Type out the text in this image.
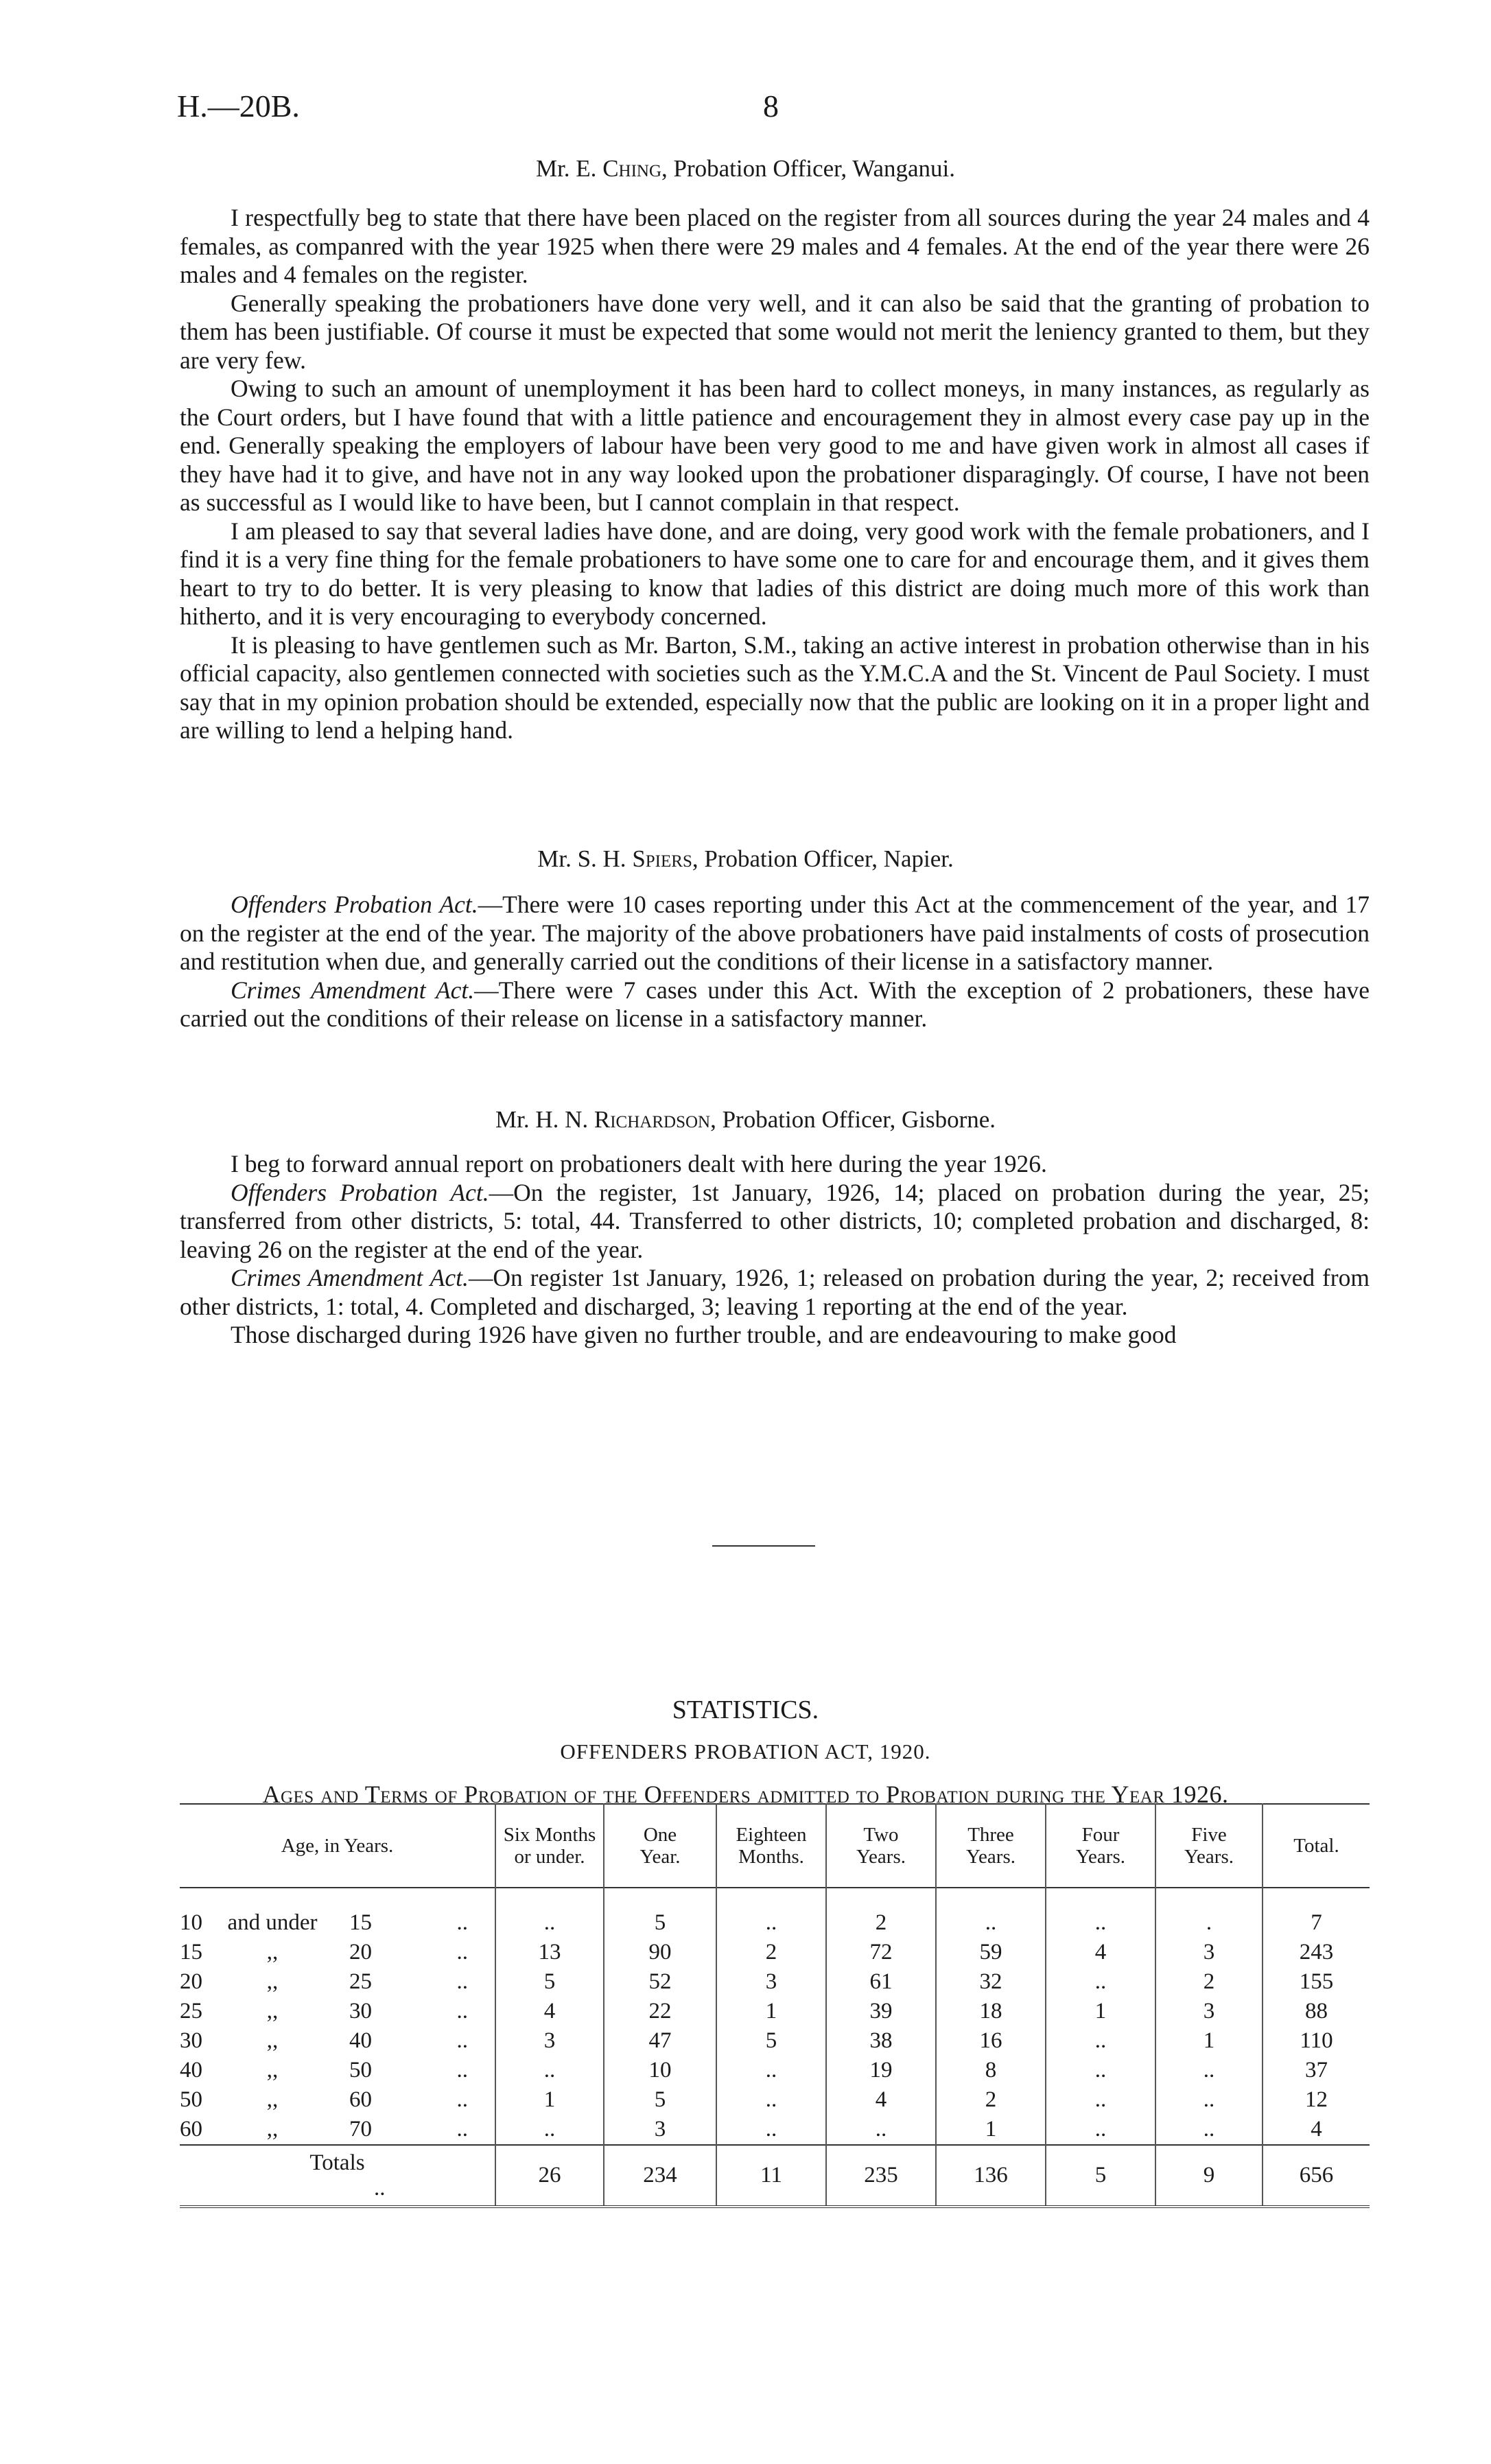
H.—20B.	8
Mr. E. Ching, Probation Officer, Wanganui.

I respectfully beg to state that there have been placed on the register from all sources during the year 24 males and 4 females, as companred with the year 1925 when there were 29 males and 4 females. At the end of the year there were 26 males and 4 females on the register.

Generally speaking the probationers have done very well, and it can also be said that the granting of probation to them has been justifiable. Of course it must be expected that some would not merit the leniency granted to them, but they are very few.

Owing to such an amount of unemployment it has been hard to collect moneys, in many instances, as regularly as the Court orders, but I have found that with a little patience and encouragement they in almost every case pay up in the end. Generally speaking the employers of labour have been very good to me and have given work in almost all cases if they have had it to give, and have not in any way looked upon the probationer disparagingly. Of course, I have not been as successful as I would like to have been, but I cannot complain in that respect.

I am pleased to say that several ladies have done, and are doing, very good work with the female probationers, and I find it is a very fine thing for the female probationers to have some one to care for and encourage them, and it gives them heart to try to do better. It is very pleasing to know that ladies of this district are doing much more of this work than hitherto, and it is very encouraging to everybody concerned.

It is pleasing to have gentlemen such as Mr. Barton, S.M., taking an active interest in probation otherwise than in his official capacity, also gentlemen connected with societies such as the Y.M.C.A and the St. Vincent de Paul Society. I must say that in my opinion probation should be extended, especially now that the public are looking on it in a proper light and are willing to lend a helping hand.

Mr. S. H. Spiers, Probation Officer, Napier.

Offenders Probation Act.—There were 10 cases reporting under this Act at the commencement of the year, and 17 on the register at the end of the year. The majority of the above probationers have paid instalments of costs of prosecution and restitution when due, and generally carried out the conditions of their license in a satisfactory manner.

Crimes Amendment Act.—There were 7 cases under this Act. With the exception of 2 probationers, these have carried out the conditions of their release on license in a satisfactory manner.

Mr. H. N. Richardson, Probation Officer, Gisborne.

I beg to forward annual report on probationers dealt with here during the year 1926.

Offenders Probation Act.—On the register, 1st January, 1926, 14; placed on probation during the year, 25; transferred from other districts, 5: total, 44. Transferred to other districts, 10; completed probation and discharged, 8: leaving 26 on the register at the end of the year.

Crimes Amendment Act.—On register 1st January, 1926, 1; released on probation during the year, 2; received from other districts, 1: total, 4. Completed and discharged, 3; leaving 1 reporting at the end of the year.

Those discharged during 1926 have given no further trouble, and are endeavouring to make good

STATISTICS.
OFFENDERS PROBATION ACT, 1920.
Ages and Terms of Probation of the Offenders admitted to Probation during the Year 1926.
Age, in Years.	Six Months or under.	One Year.	Eighteen Months.	Two Years.	Three Years.	Four Years.	Five Years.	Total.

10 and under 15 ..	..	5	..	2	..	..	.	7
15 ,, 20 ..	13	90	2	72	59	4	3	243
20 ,, 25 ..	5	52	3	61	32	..	2	155
25 ,, 30 ..	4	22	1	39	18	1	3	88
30 ,, 40 ..	3	47	5	38	16	..	1	110
40 ,, 50 ..	..	10	..	19	8	..	..	37
50 ,, 60 ..	1	5	..	4	2	..	..	12
60 ,, 70 ..	..	3	..	..	1	..	..	4
Totals..	26	234	11	235	136	5	9	656
